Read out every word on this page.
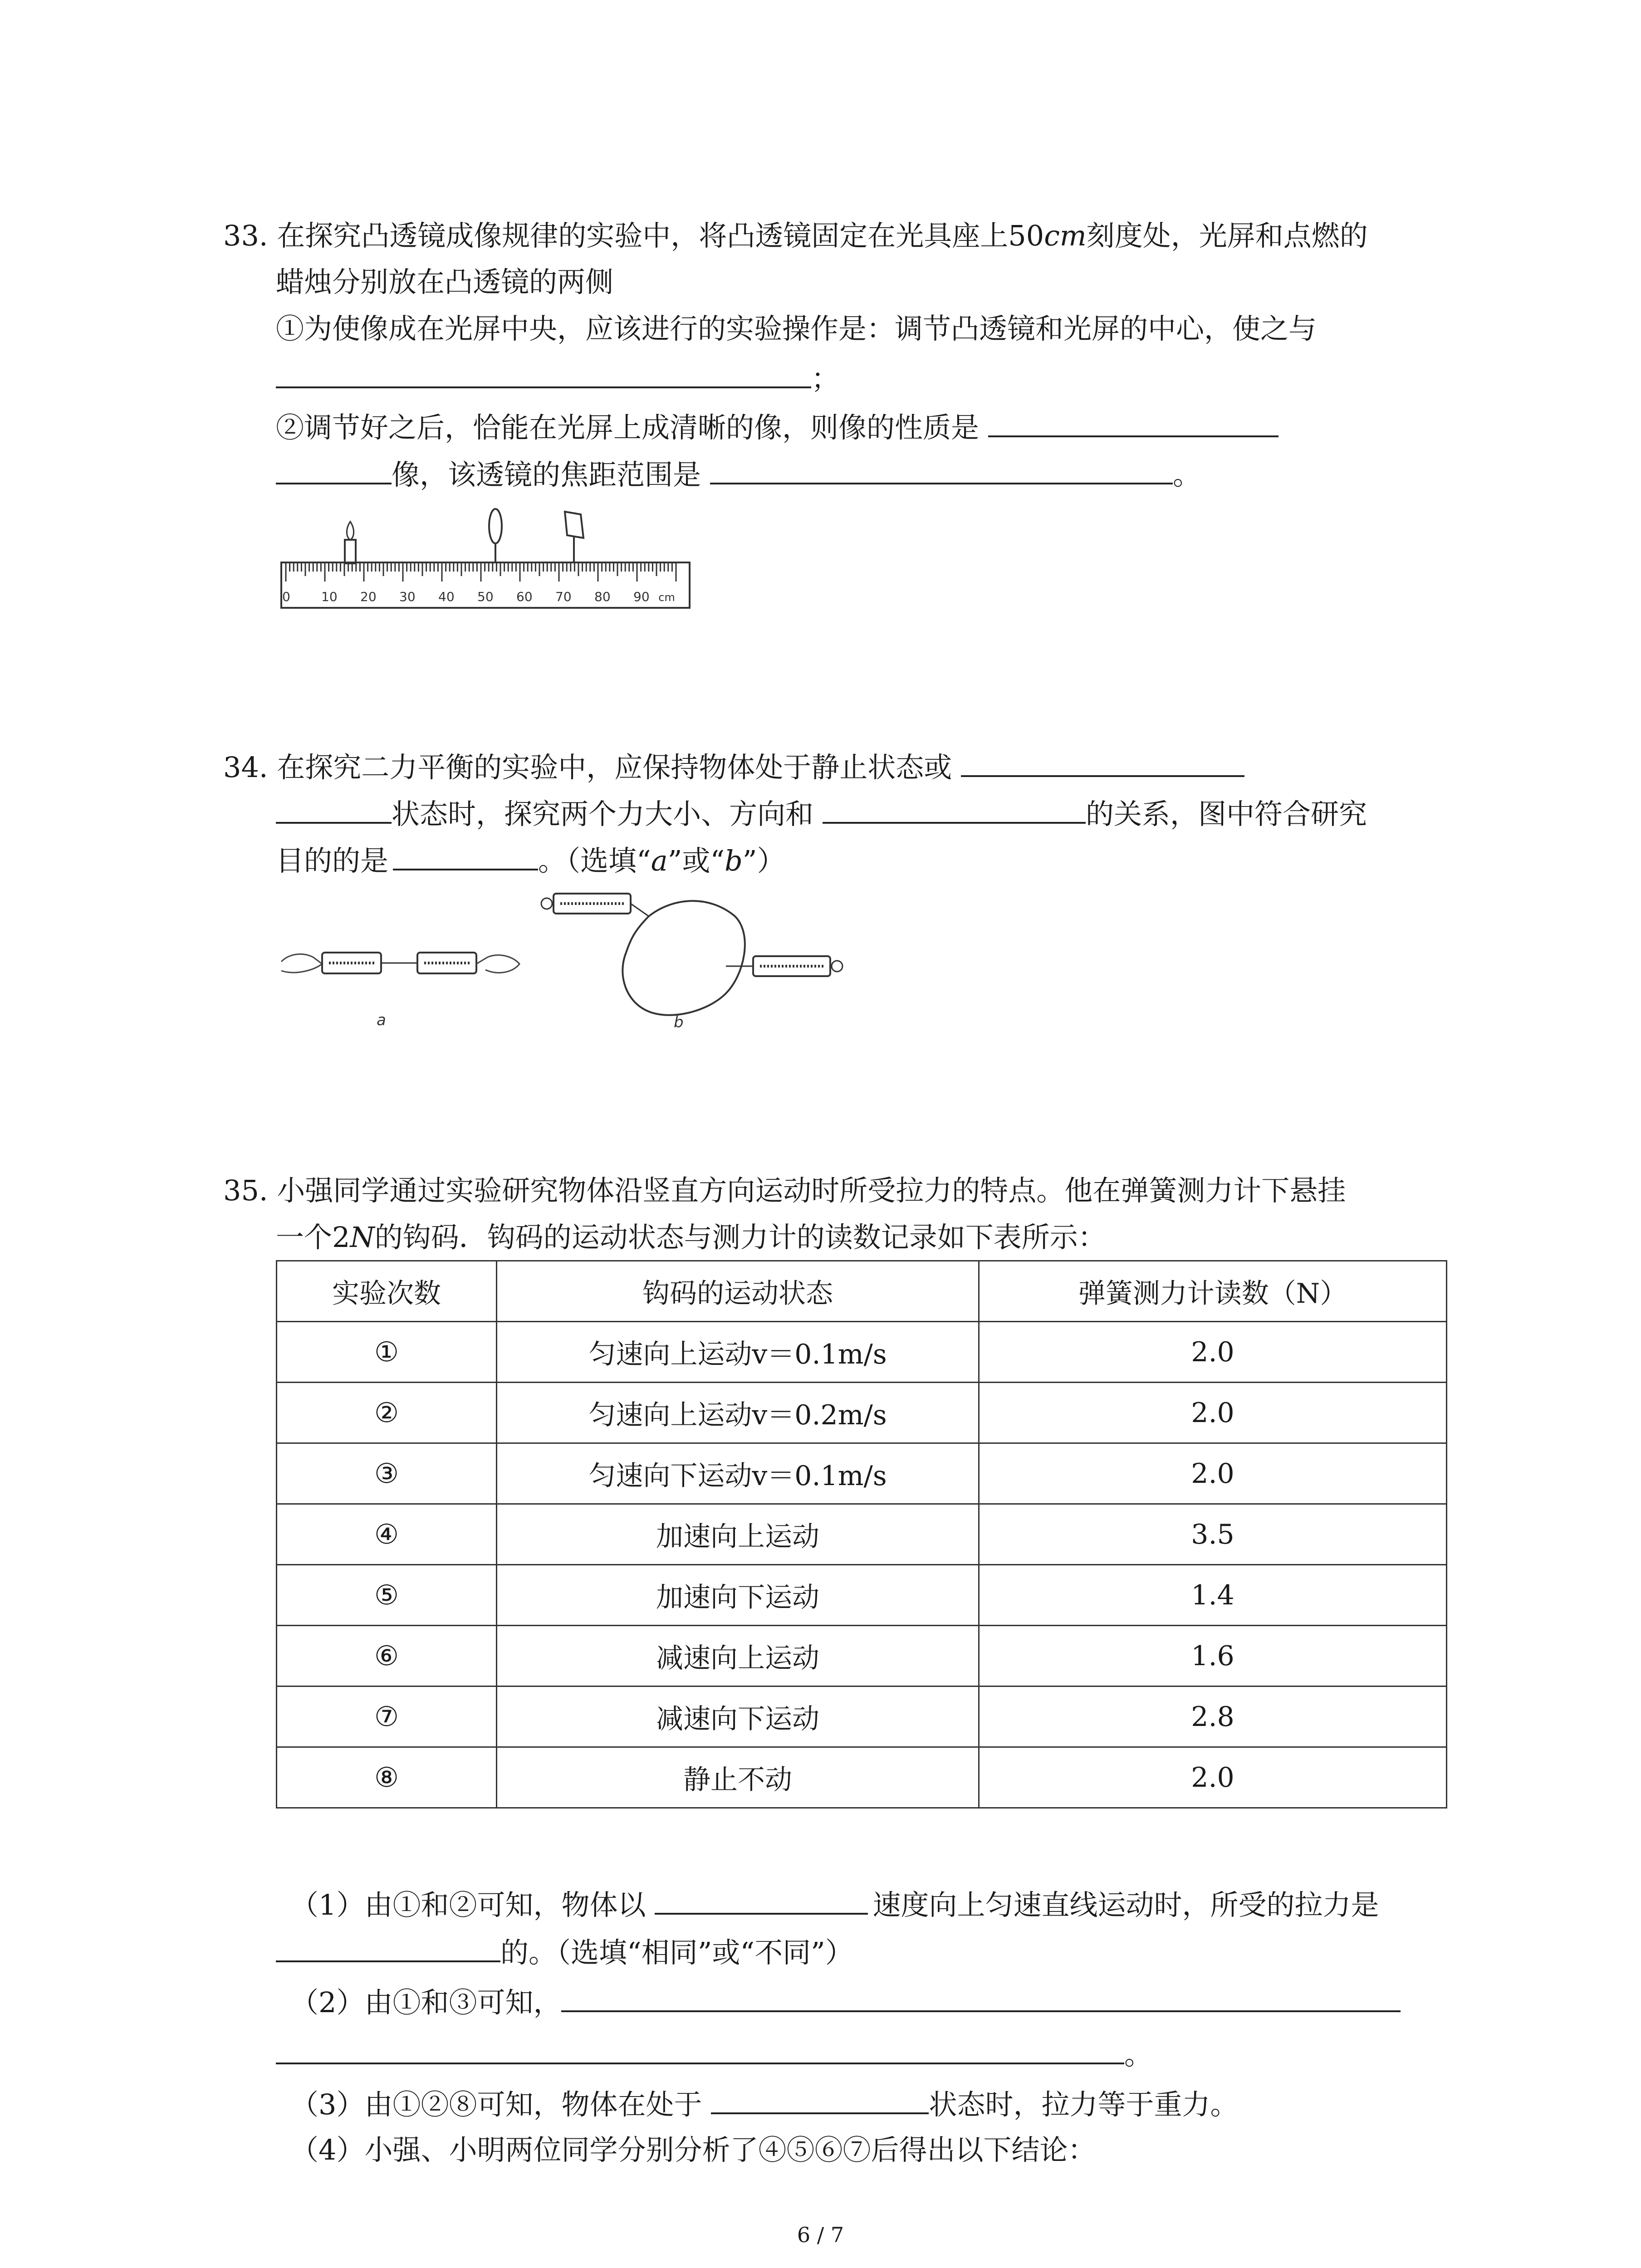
33. 在探究凸透镜成像规律的实验中，将凸透镜固定在光具座上50cm刻度处，光屏和点燃的
蜡烛分别放在凸透镜的两侧
①为使像成在光屏中央，应该进行的实验操作是：调节凸透镜和光屏的中心，使之与
；
②调节好之后，恰能在光屏上成清晰的像，则像的性质是
像，该透镜的焦距范围是	。
0 10 20 30 40 50 60 70 80 90 cm
34. 在探究二力平衡的实验中，应保持物体处于静止状态或
状态时，探究两个力大小、方向和	的关系，图中符合研究
目的的是	。（选填“a”或“b”）
a	b
35. 小强同学通过实验研究物体沿竖直方向运动时所受拉力的特点。他在弹簧测力计下悬挂
一个2N的钩码．钩码的运动状态与测力计的读数记录如下表所示：
实验次数	钩码的运动状态	弹簧测力计读数（N）
①	匀速向上运动v＝0.1m/s	2.0
②	匀速向上运动v＝0.2m/s	2.0
③	匀速向下运动v＝0.1m/s	2.0
④	加速向上运动	3.5
⑤	加速向下运动	1.4
⑥	减速向上运动	1.6
⑦	减速向下运动	2.8
⑧	静止不动	2.0
（1）由①和②可知，物体以	速度向上匀速直线运动时，所受的拉力是
的。（选填“相同”或“不同”）
（2）由①和③可知，
。
（3）由①②⑧可知，物体在处于	状态时，拉力等于重力。
（4）小强、小明两位同学分别分析了④⑤⑥⑦后得出以下结论：
6 / 7
